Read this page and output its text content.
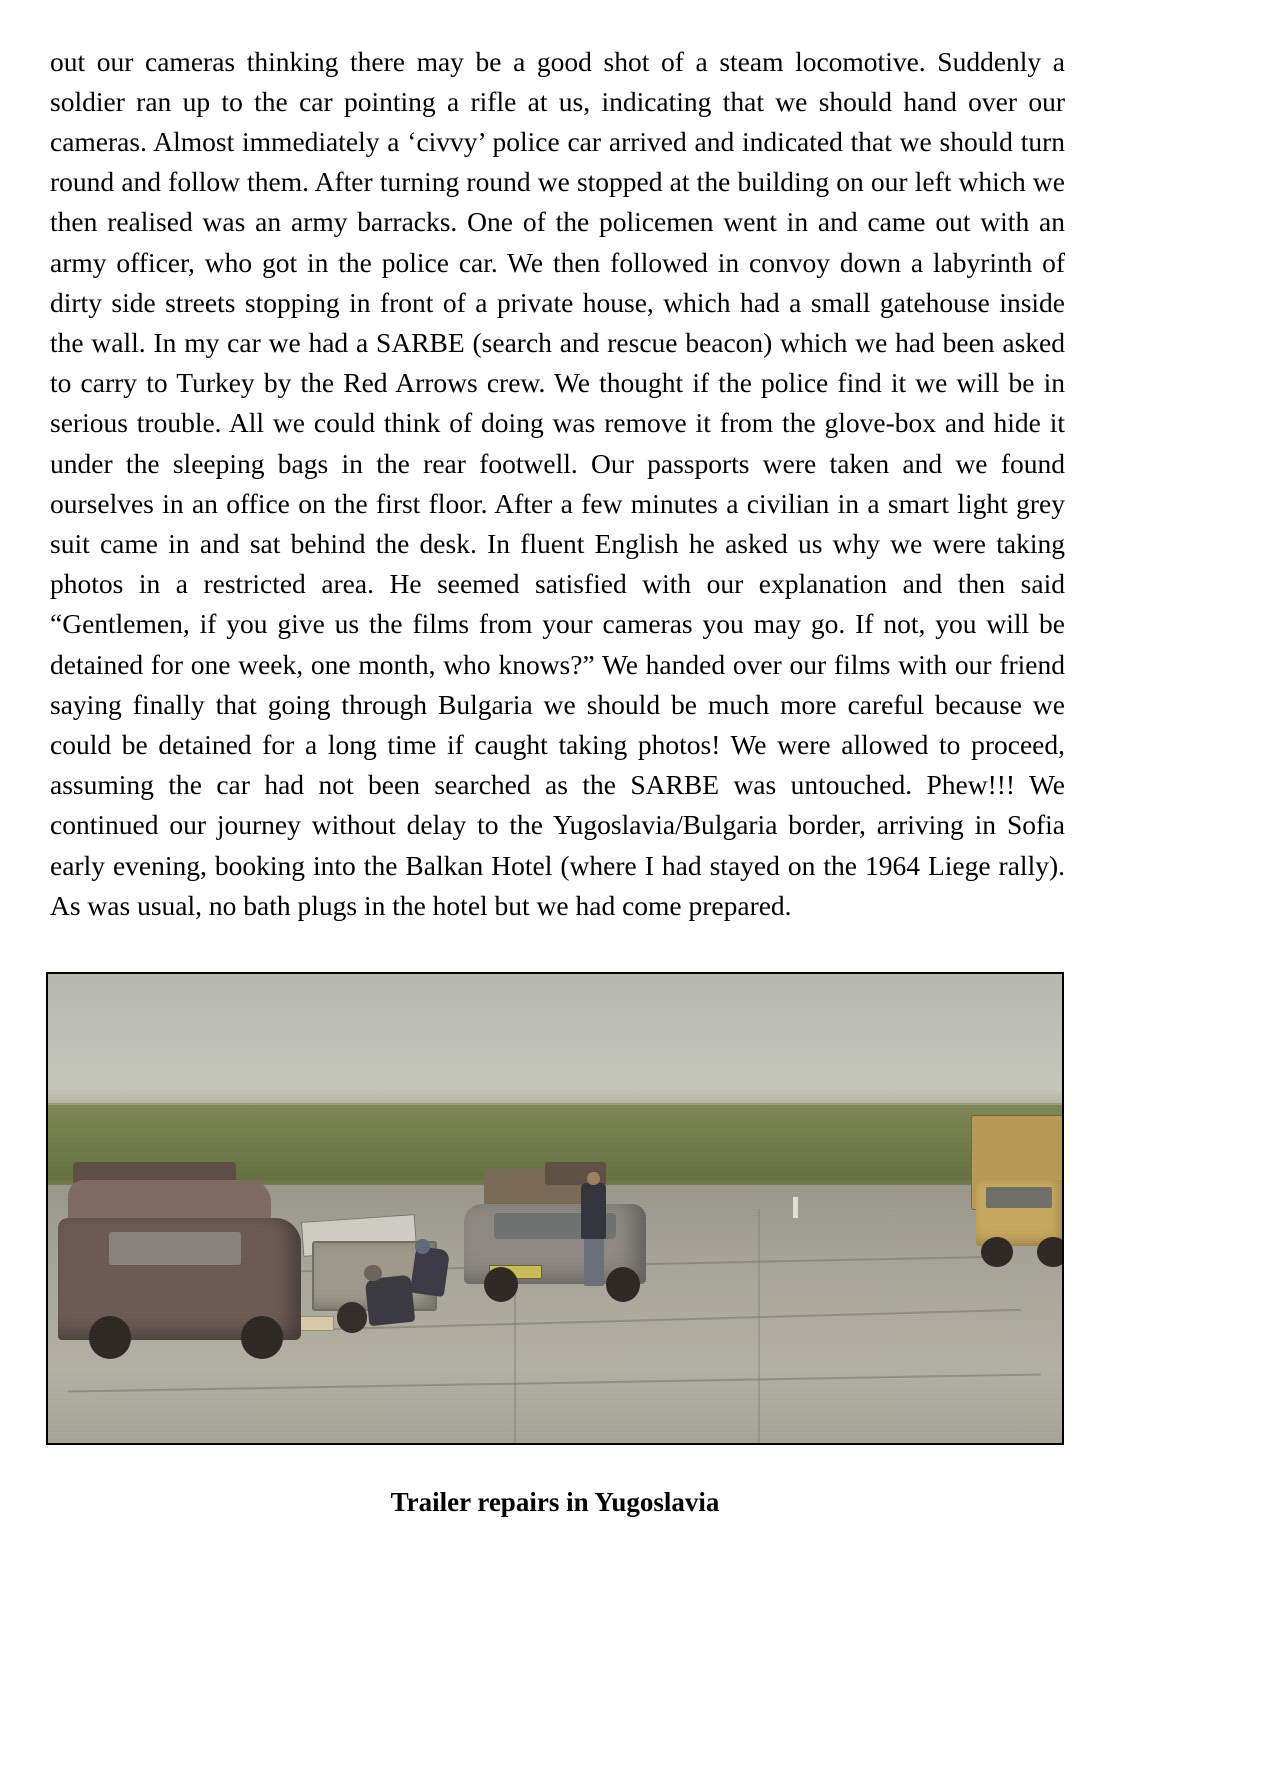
out our cameras thinking there may be a good shot of a steam locomotive. Suddenly a soldier ran up to the car pointing a rifle at us, indicating that we should hand over our cameras. Almost immediately a ‘civvy’ police car arrived and indicated that we should turn round and follow them. After turning round we stopped at the building on our left which we then realised was an army barracks. One of the policemen went in and came out with an army officer, who got in the police car. We then followed in convoy down a labyrinth of dirty side streets stopping in front of a private house, which had a small gatehouse inside the wall. In my car we had a SARBE (search and rescue beacon) which we had been asked to carry to Turkey by the Red Arrows crew. We thought if the police find it we will be in serious trouble. All we could think of doing was remove it from the glove-box and hide it under the sleeping bags in the rear footwell. Our passports were taken and we found ourselves in an office on the first floor. After a few minutes a civilian in a smart light grey suit came in and sat behind the desk. In fluent English he asked us why we were taking photos in a restricted area. He seemed satisfied with our explanation and then said “Gentlemen, if you give us the films from your cameras you may go. If not, you will be detained for one week, one month, who knows?” We handed over our films with our friend saying finally that going through Bulgaria we should be much more careful because we could be detained for a long time if caught taking photos! We were allowed to proceed, assuming the car had not been searched as the SARBE was untouched. Phew!!! We continued our journey without delay to the Yugoslavia/Bulgaria border, arriving in Sofia early evening, booking into the Balkan Hotel (where I had stayed on the 1964 Liege rally). As was usual, no bath plugs in the hotel but we had come prepared.

Trailer repairs in Yugoslavia
